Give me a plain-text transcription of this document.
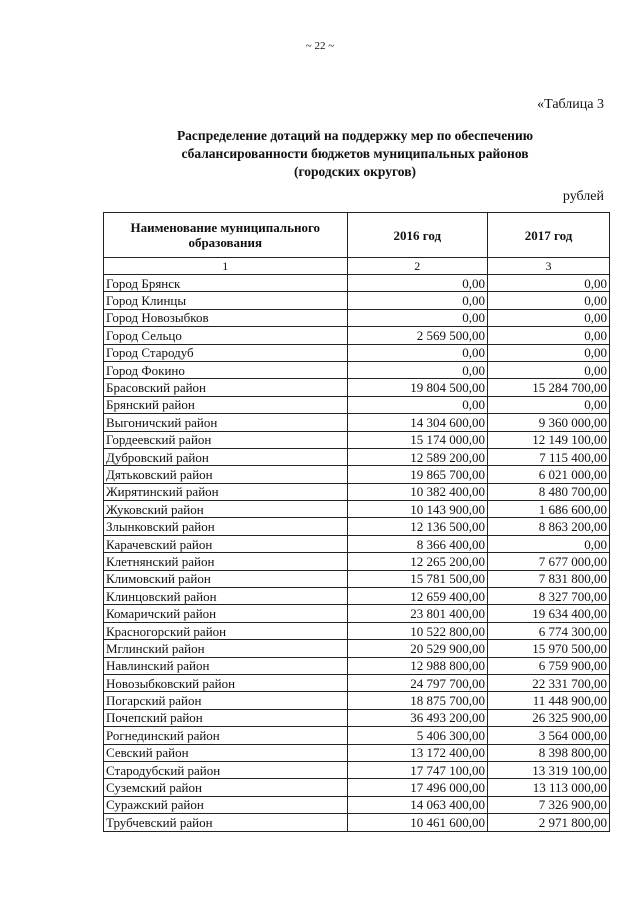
~ 22 ~
«Таблица 3
Распределение дотаций на поддержку мер по обеспечению
сбалансированности бюджетов муниципальных районов
(городских округов)
рублей
Наименование муниципального образования	2016 год	2017 год
1	2	3
Город Брянск	0,00	0,00
Город Клинцы	0,00	0,00
Город Новозыбков	0,00	0,00
Город Сельцо	2 569 500,00	0,00
Город Стародуб	0,00	0,00
Город Фокино	0,00	0,00
Брасовский район	19 804 500,00	15 284 700,00
Брянский район	0,00	0,00
Выгоничский район	14 304 600,00	9 360 000,00
Гордеевский район	15 174 000,00	12 149 100,00
Дубровский район	12 589 200,00	7 115 400,00
Дятьковский район	19 865 700,00	6 021 000,00
Жирятинский район	10 382 400,00	8 480 700,00
Жуковский район	10 143 900,00	1 686 600,00
Злынковский район	12 136 500,00	8 863 200,00
Карачевский район	8 366 400,00	0,00
Клетнянский район	12 265 200,00	7 677 000,00
Климовский район	15 781 500,00	7 831 800,00
Клинцовский район	12 659 400,00	8 327 700,00
Комаричский район	23 801 400,00	19 634 400,00
Красногорский район	10 522 800,00	6 774 300,00
Мглинский район	20 529 900,00	15 970 500,00
Навлинский район	12 988 800,00	6 759 900,00
Новозыбковский район	24 797 700,00	22 331 700,00
Погарский район	18 875 700,00	11 448 900,00
Почепский район	36 493 200,00	26 325 900,00
Рогнединский район	5 406 300,00	3 564 000,00
Севский район	13 172 400,00	8 398 800,00
Стародубский район	17 747 100,00	13 319 100,00
Суземский район	17 496 000,00	13 113 000,00
Суражский район	14 063 400,00	7 326 900,00
Трубчевский район	10 461 600,00	2 971 800,00
